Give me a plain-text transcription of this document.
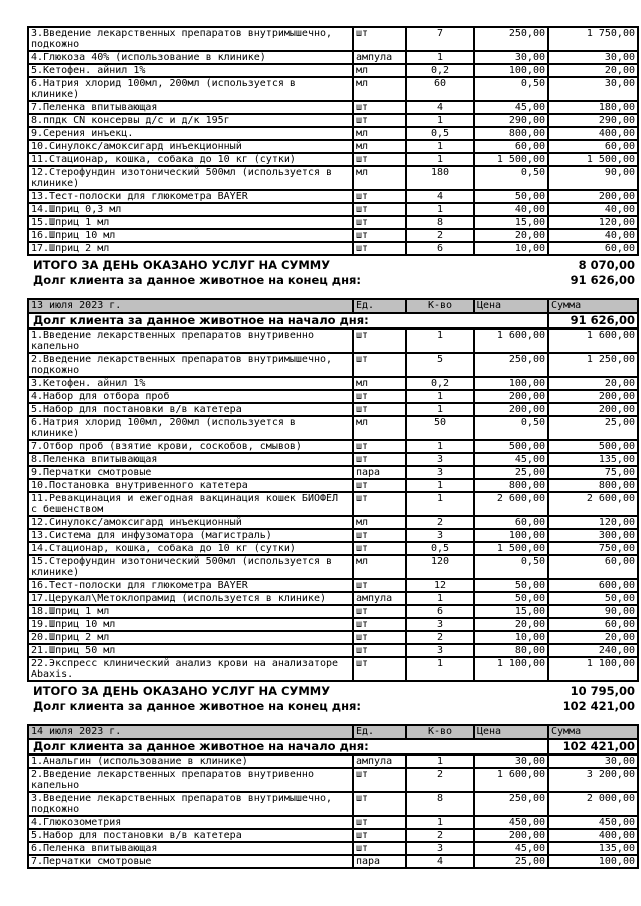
3.Введение лекарственных препаратов внутримышечно, подкожно	шт	7	250,00	1 750,00
4.Глюкоза 40% (использование в клинике)	ампула	1	30,00	30,00
5.Кетофен. айнил 1%	мл	0,2	100,00	20,00
6.Натрия хлорид 100мл, 200мл (используется в клинике)	мл	60	0,50	30,00
7.Пеленка впитывающая	шт	4	45,00	180,00
8.ппдк CN консервы д/с и д/к 195г	шт	1	290,00	290,00
9.Серения инъекц.	мл	0,5	800,00	400,00
10.Синулокс/амоксигард инъекционный	мл	1	60,00	60,00
11.Стационар, кошка, собака до 10 кг (сутки)	шт	1	1 500,00	1 500,00
12.Стерофундин изотонический 500мл (используется в клинике)	мл	180	0,50	90,00
13.Тест-полоски для глюкометра BAYER	шт	4	50,00	200,00
14.Шприц 0,3 мл	шт	1	40,00	40,00
15.Шприц 1 мл	шт	8	15,00	120,00
16.Шприц 10 мл	шт	2	20,00	40,00
17.Шприц 2 мл	шт	6	10,00	60,00
ИТОГО ЗА ДЕНЬ ОКАЗАНО УСЛУГ НА СУММУ	8 070,00
Долг клиента за данное животное на конец дня:	91 626,00
13 июля 2023 г.	Ед.	К-во	Цена	Сумма
Долг клиента за данное животное на начало дня:				91 626,00
1.Введение лекарственных препаратов внутривенно капельно	шт	1	1 600,00	1 600,00
2.Введение лекарственных препаратов внутримышечно, подкожно	шт	5	250,00	1 250,00
3.Кетофен. айнил 1%	мл	0,2	100,00	20,00
4.Набор для отбора проб	шт	1	200,00	200,00
5.Набор для постановки в/в катетера	шт	1	200,00	200,00
6.Натрия хлорид 100мл, 200мл (используется в клинике)	мл	50	0,50	25,00
7.Отбор проб (взятие крови, соскобов, смывов)	шт	1	500,00	500,00
8.Пеленка впитывающая	шт	3	45,00	135,00
9.Перчатки смотровые	пара	3	25,00	75,00
10.Постановка внутривенного катетера	шт	1	800,00	800,00
11.Ревакцинация и ежегодная вакцинация кошек БИОФЕЛ с бешенством	шт	1	2 600,00	2 600,00
12.Синулокс/амоксигард инъекционный	мл	2	60,00	120,00
13.Система для инфузоматора (магистраль)	шт	3	100,00	300,00
14.Стационар, кошка, собака до 10 кг (сутки)	шт	0,5	1 500,00	750,00
15.Стерофундин изотонический 500мл (используется в клинике)	мл	120	0,50	60,00
16.Тест-полоски для глюкометра BAYER	шт	12	50,00	600,00
17.Церукал\Метоклопрамид (используется в клинике)	ампула	1	50,00	50,00
18.Шприц 1 мл	шт	6	15,00	90,00
19.Шприц 10 мл	шт	3	20,00	60,00
20.Шприц 2 мл	шт	2	10,00	20,00
21.Шприц 50 мл	шт	3	80,00	240,00
22.Экспресс клинический анализ крови на анализаторе Abaxis.	шт	1	1 100,00	1 100,00
ИТОГО ЗА ДЕНЬ ОКАЗАНО УСЛУГ НА СУММУ	10 795,00
Долг клиента за данное животное на конец дня:	102 421,00
14 июля 2023 г.	Ед.	К-во	Цена	Сумма
Долг клиента за данное животное на начало дня:				102 421,00
1.Анальгин (использование в клинике)	ампула	1	30,00	30,00
2.Введение лекарственных препаратов внутривенно капельно	шт	2	1 600,00	3 200,00
3.Введение лекарственных препаратов внутримышечно, подкожно	шт	8	250,00	2 000,00
4.Глюкозометрия	шт	1	450,00	450,00
5.Набор для постановки в/в катетера	шт	2	200,00	400,00
6.Пеленка впитывающая	шт	3	45,00	135,00
7.Перчатки смотровые	пара	4	25,00	100,00
